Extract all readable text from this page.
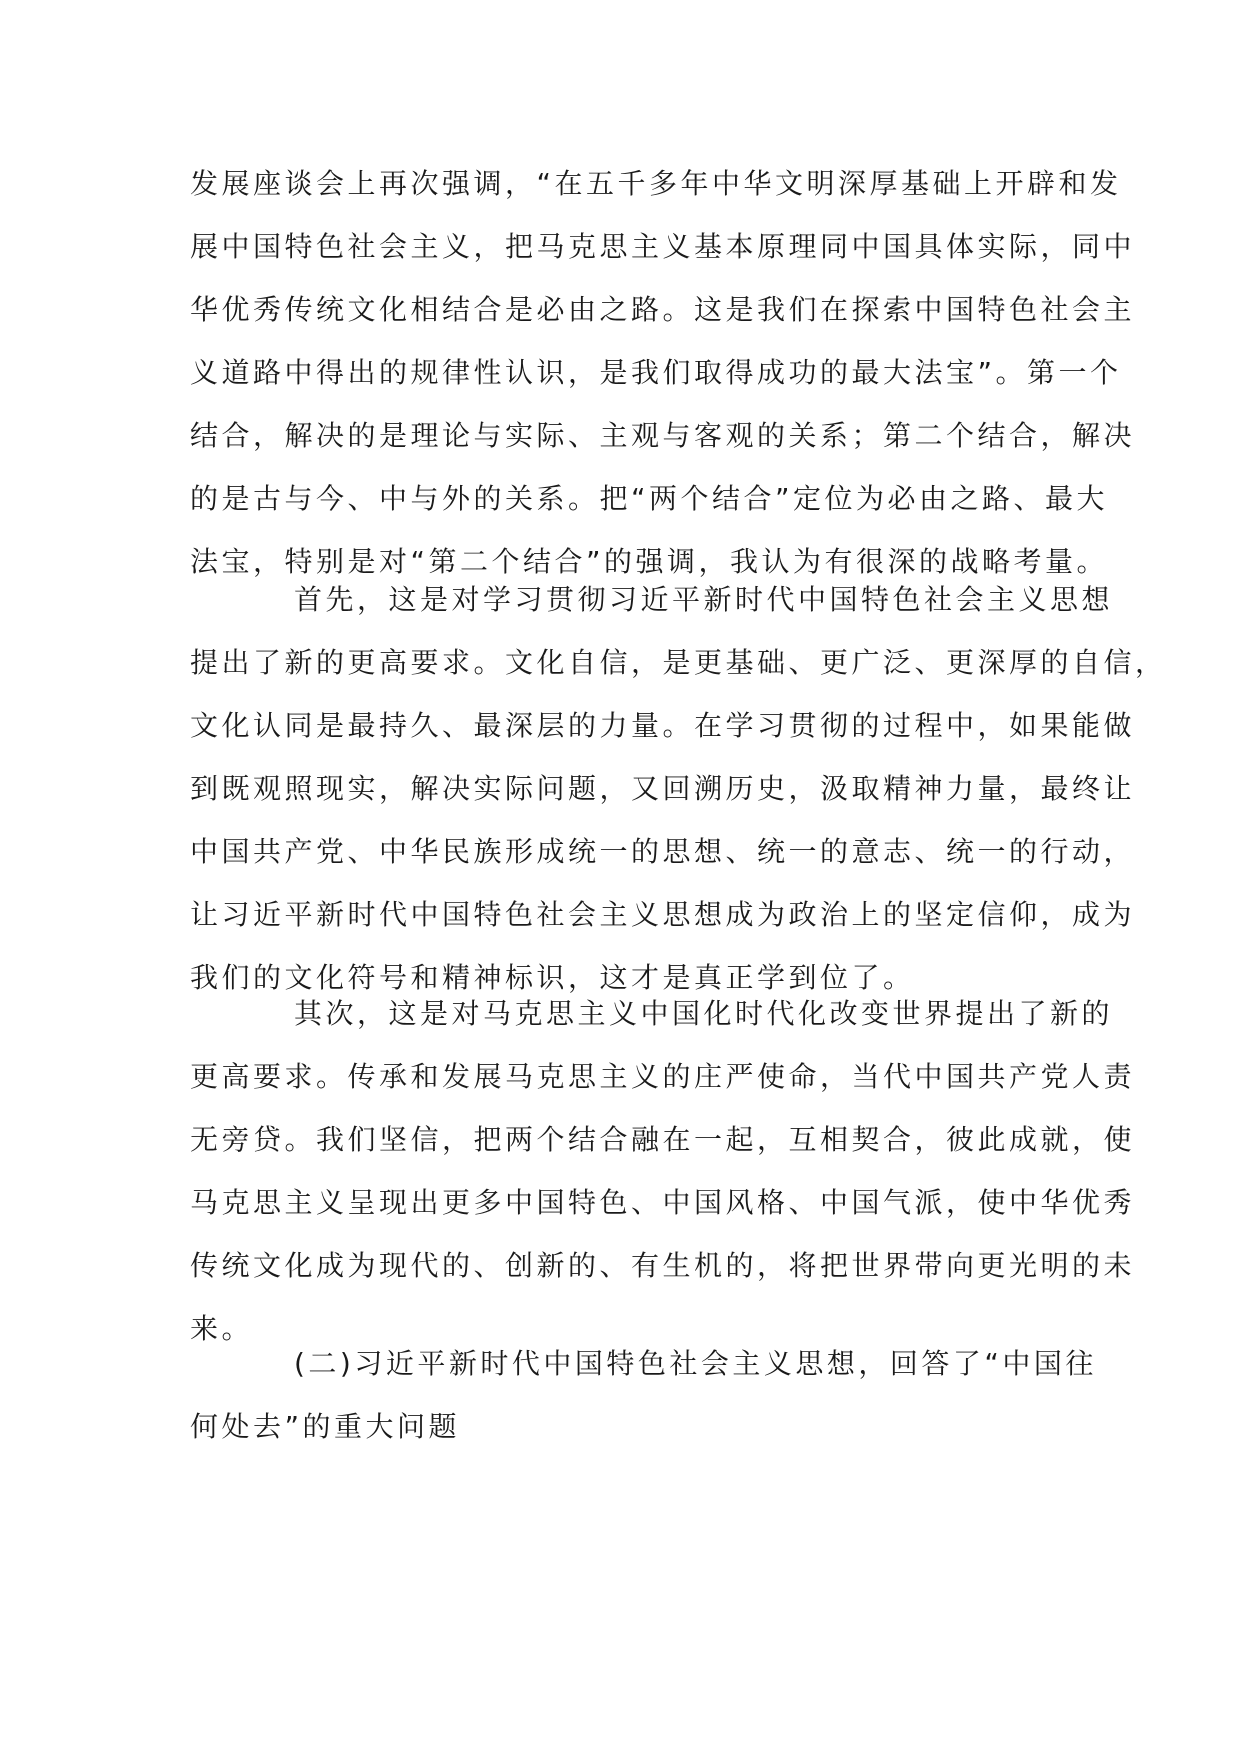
发展座谈会上再次强调，“在五千多年中华文明深厚基础上开辟和发
展中国特色社会主义，把马克思主义基本原理同中国具体实际，同中
华优秀传统文化相结合是必由之路。这是我们在探索中国特色社会主
义道路中得出的规律性认识，是我们取得成功的最大法宝”。第一个
结合，解决的是理论与实际、主观与客观的关系；第二个结合，解决
的是古与今、中与外的关系。把“两个结合”定位为必由之路、最大
法宝，特别是对“第二个结合”的强调，我认为有很深的战略考量。
首先，这是对学习贯彻习近平新时代中国特色社会主义思想
提出了新的更高要求。文化自信，是更基础、更广泛、更深厚的自信，
文化认同是最持久、最深层的力量。在学习贯彻的过程中，如果能做
到既观照现实，解决实际问题，又回溯历史，汲取精神力量，最终让
中国共产党、中华民族形成统一的思想、统一的意志、统一的行动，
让习近平新时代中国特色社会主义思想成为政治上的坚定信仰，成为
我们的文化符号和精神标识，这才是真正学到位了。
其次，这是对马克思主义中国化时代化改变世界提出了新的
更高要求。传承和发展马克思主义的庄严使命，当代中国共产党人责
无旁贷。我们坚信，把两个结合融在一起，互相契合，彼此成就，使
马克思主义呈现出更多中国特色、中国风格、中国气派，使中华优秀
传统文化成为现代的、创新的、有生机的，将把世界带向更光明的未
来。
(二)习近平新时代中国特色社会主义思想，回答了“中国往
何处去”的重大问题
